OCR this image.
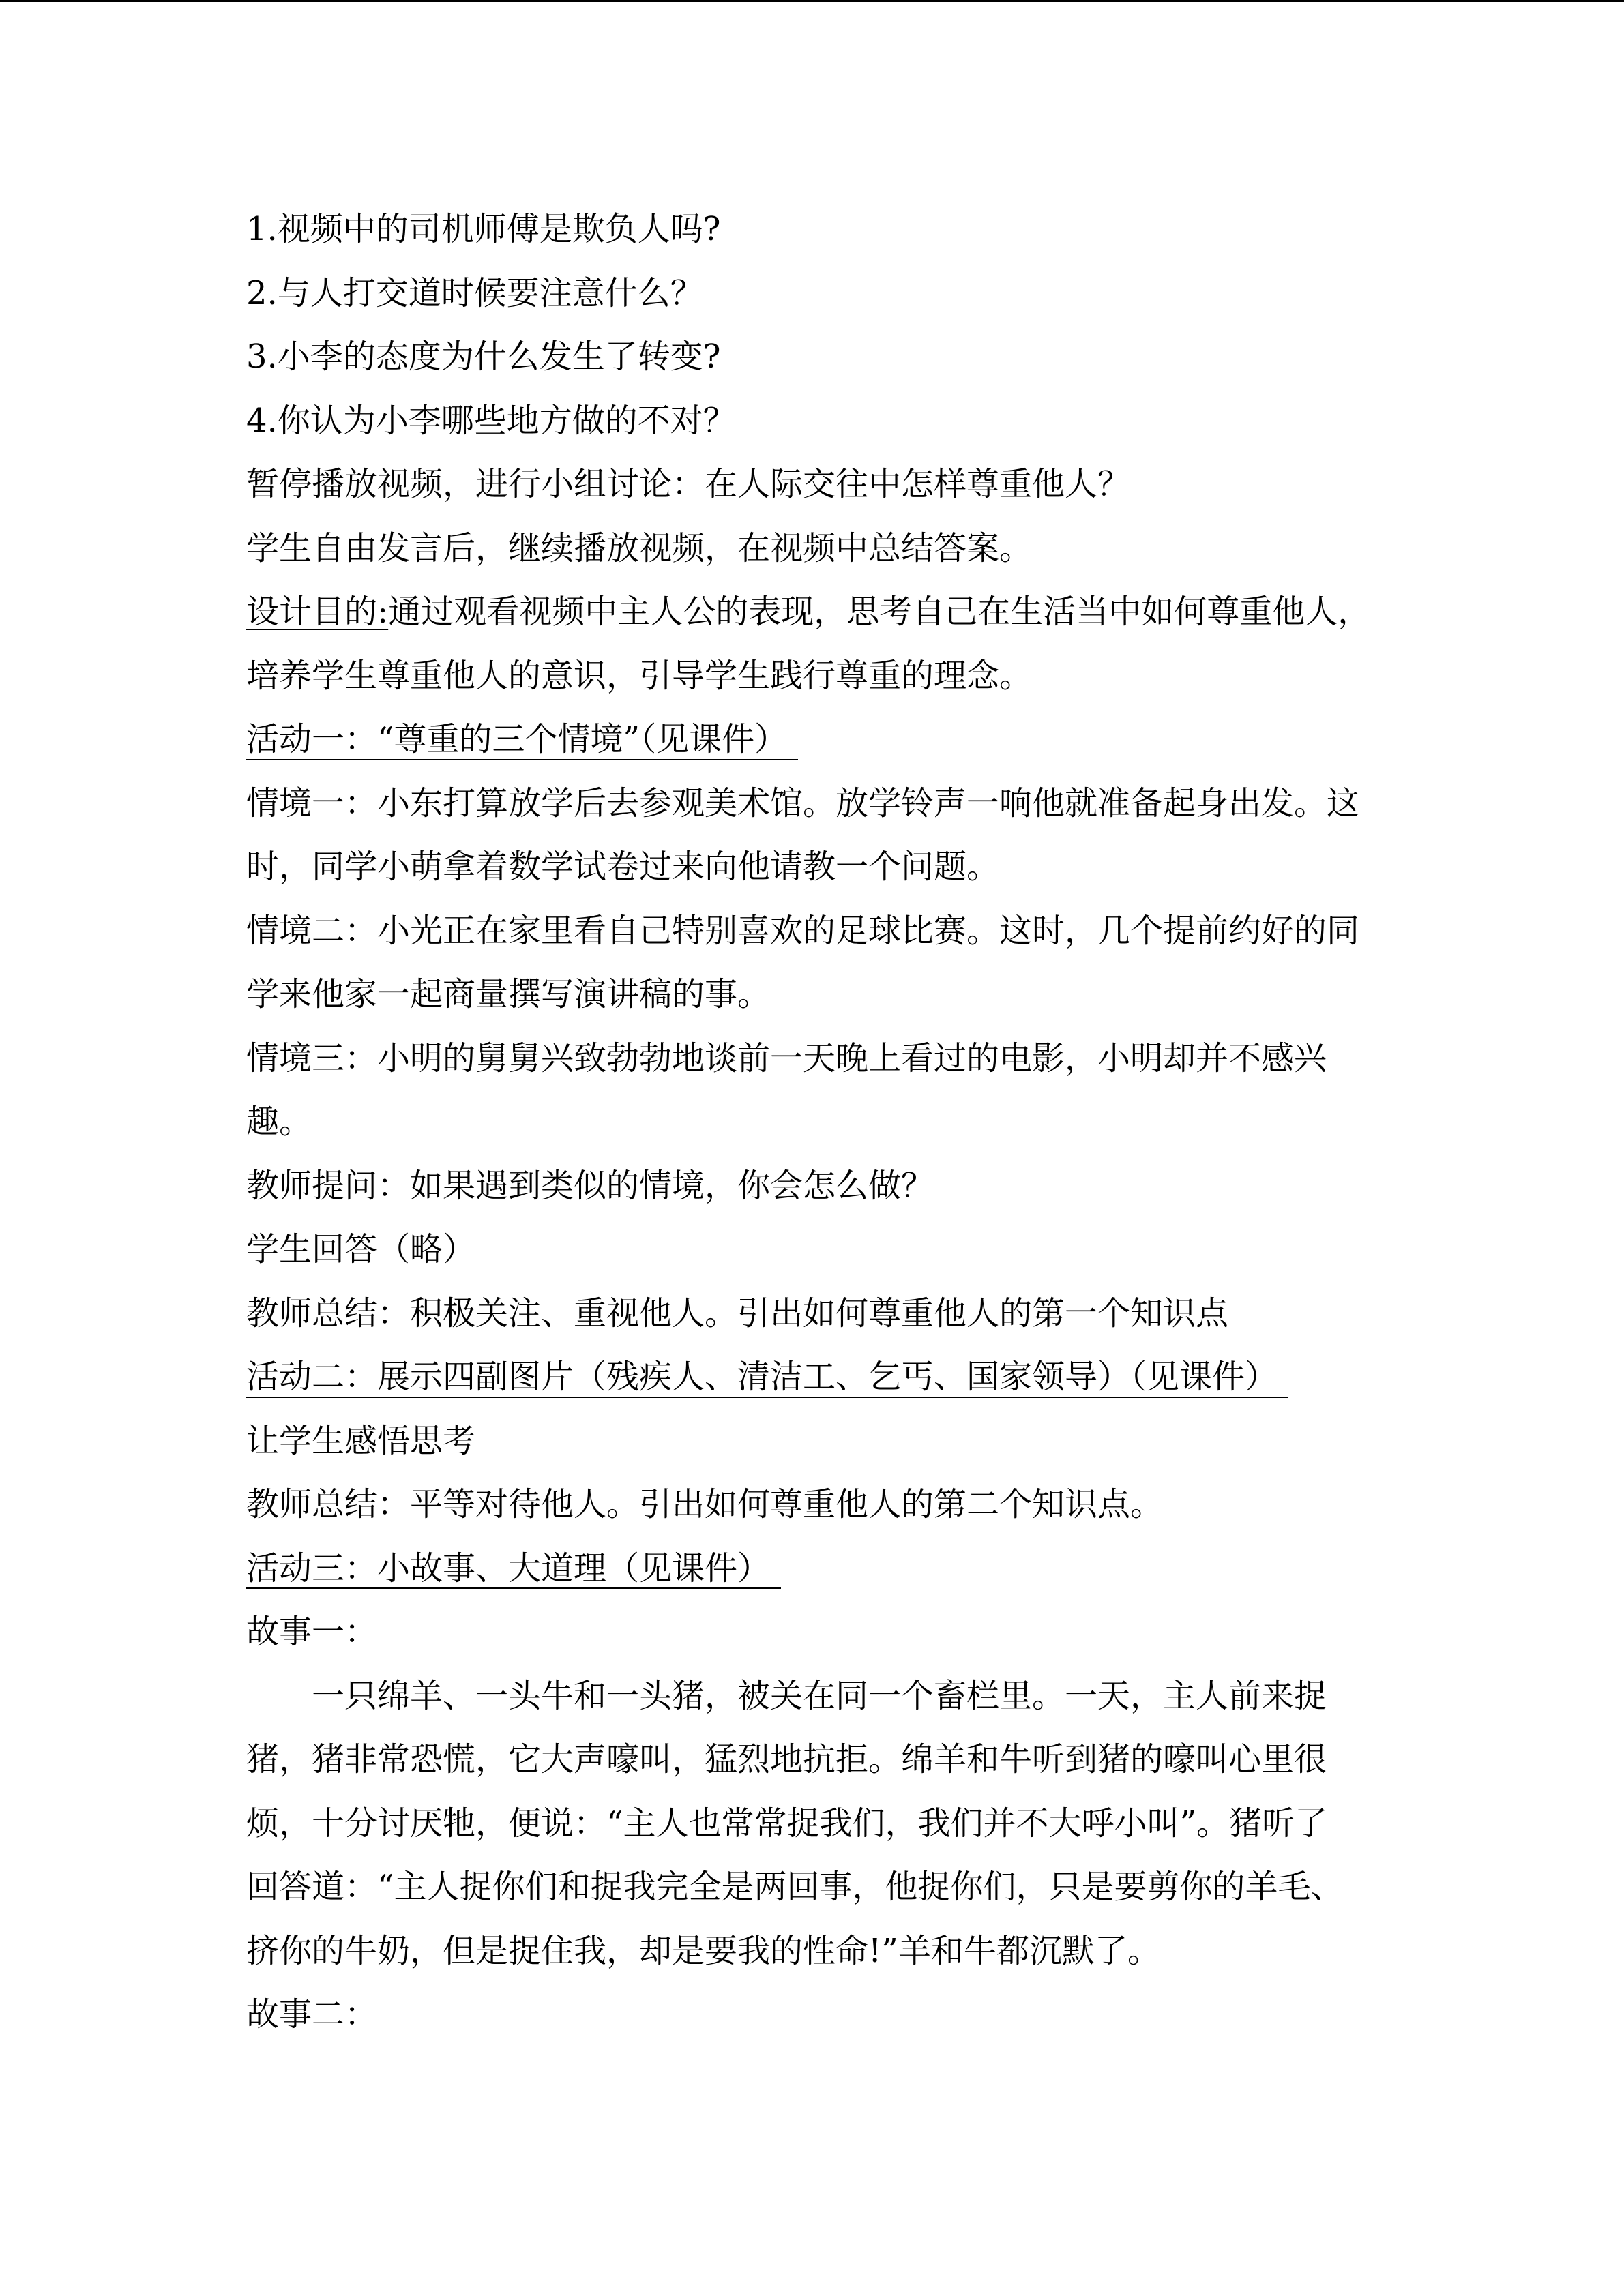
1.视频中的司机师傅是欺负人吗?
2.与人打交道时候要注意什么？
3.小李的态度为什么发生了转变?
4.你认为小李哪些地方做的不对？
暂停播放视频，进行小组讨论：在人际交往中怎样尊重他人？
学生自由发言后，继续播放视频，在视频中总结答案。
设计目的:通过观看视频中主人公的表现，思考自己在生活当中如何尊重他人，
培养学生尊重他人的意识，引导学生践行尊重的理念。
活动一：“尊重的三个情境”（见课件）
情境一：小东打算放学后去参观美术馆。放学铃声一响他就准备起身出发。这
时，同学小萌拿着数学试卷过来向他请教一个问题。
情境二：小光正在家里看自己特别喜欢的足球比赛。这时，几个提前约好的同
学来他家一起商量撰写演讲稿的事。
情境三：小明的舅舅兴致勃勃地谈前一天晚上看过的电影，小明却并不感兴
趣。
教师提问：如果遇到类似的情境，你会怎么做？
学生回答（略）
教师总结：积极关注、重视他人。引出如何尊重他人的第一个知识点
活动二：展示四副图片（残疾人、清洁工、乞丐、国家领导）（见课件）
让学生感悟思考
教师总结：平等对待他人。引出如何尊重他人的第二个知识点。
活动三：小故事、大道理（见课件）
故事一：
一只绵羊、一头牛和一头猪，被关在同一个畜栏里。一天，主人前来捉
猪，猪非常恐慌，它大声嚎叫，猛烈地抗拒。绵羊和牛听到猪的嚎叫心里很
烦，十分讨厌牠，便说：“主人也常常捉我们，我们并不大呼小叫”。猪听了
回答道：“主人捉你们和捉我完全是两回事，他捉你们，只是要剪你的羊毛、
挤你的牛奶，但是捉住我，却是要我的性命!”羊和牛都沉默了。
故事二：
